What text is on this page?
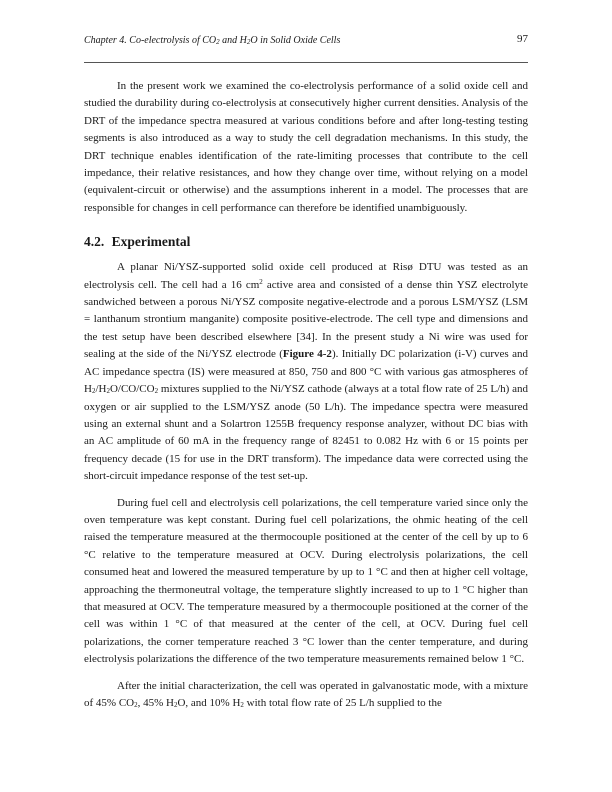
Chapter 4. Co-electrolysis of $CO_2$ and $H_2O$ in Solid Oxide Cells	97

In the present work we examined the co-electrolysis performance of a solid oxide cell and studied the durability during co-electrolysis at consecutively higher current densities. Analysis of the DRT of the impedance spectra measured at various conditions before and after long-testing testing segments is also introduced as a way to study the cell degradation mechanisms. In this study, the DRT technique enables identification of the rate-limiting processes that contribute to the cell impedance, their relative resistances, and how they change over time, without relying on a model (equivalent-circuit or otherwise) and the assumptions inherent in a model. The processes that are responsible for changes in cell performance can therefore be identified unambiguously.

4.2. Experimental

A planar Ni/YSZ-supported solid oxide cell produced at Risø DTU was tested as an electrolysis cell. The cell had a 16 $cm^2$ active area and consisted of a dense thin YSZ electrolyte sandwiched between a porous Ni/YSZ composite negative-electrode and a porous LSM/YSZ (LSM = lanthanum strontium manganite) composite positive-electrode. The cell type and dimensions and the test setup have been described elsewhere [34]. In the present study a Ni wire was used for sealing at the side of the Ni/YSZ electrode (Figure 4-2). Initially DC polarization (i-V) curves and AC impedance spectra (IS) were measured at 850, 750 and 800 °C with various gas atmospheres of $H_2/H_2O/CO/CO_2$ mixtures supplied to the Ni/YSZ cathode (always at a total flow rate of 25 L/h) and oxygen or air supplied to the LSM/YSZ anode (50 L/h). The impedance spectra were measured using an external shunt and a Solartron 1255B frequency response analyzer, without DC bias with an AC amplitude of 60 mA in the frequency range of 82451 to 0.082 Hz with 6 or 15 points per frequency decade (15 for use in the DRT transform). The impedance data were corrected using the short-circuit impedance response of the test set-up.

During fuel cell and electrolysis cell polarizations, the cell temperature varied since only the oven temperature was kept constant. During fuel cell polarizations, the ohmic heating of the cell raised the temperature measured at the thermocouple positioned at the center of the cell by up to 6 °C relative to the temperature measured at OCV. During electrolysis polarizations, the cell consumed heat and lowered the measured temperature by up to 1 °C and then at higher cell voltage, approaching the thermoneutral voltage, the temperature slightly increased to up to 1 °C higher than that measured at OCV. The temperature measured by a thermocouple positioned at the corner of the cell was within 1 °C of that measured at the center of the cell, at OCV. During fuel cell polarizations, the corner temperature reached 3 °C lower than the center temperature, and during electrolysis polarizations the difference of the two temperature measurements remained below 1 °C.

After the initial characterization, the cell was operated in galvanostatic mode, with a mixture of 45% $CO_2$, 45% $H_2O$, and 10% $H_2$ with total flow rate of 25 L/h supplied to the
